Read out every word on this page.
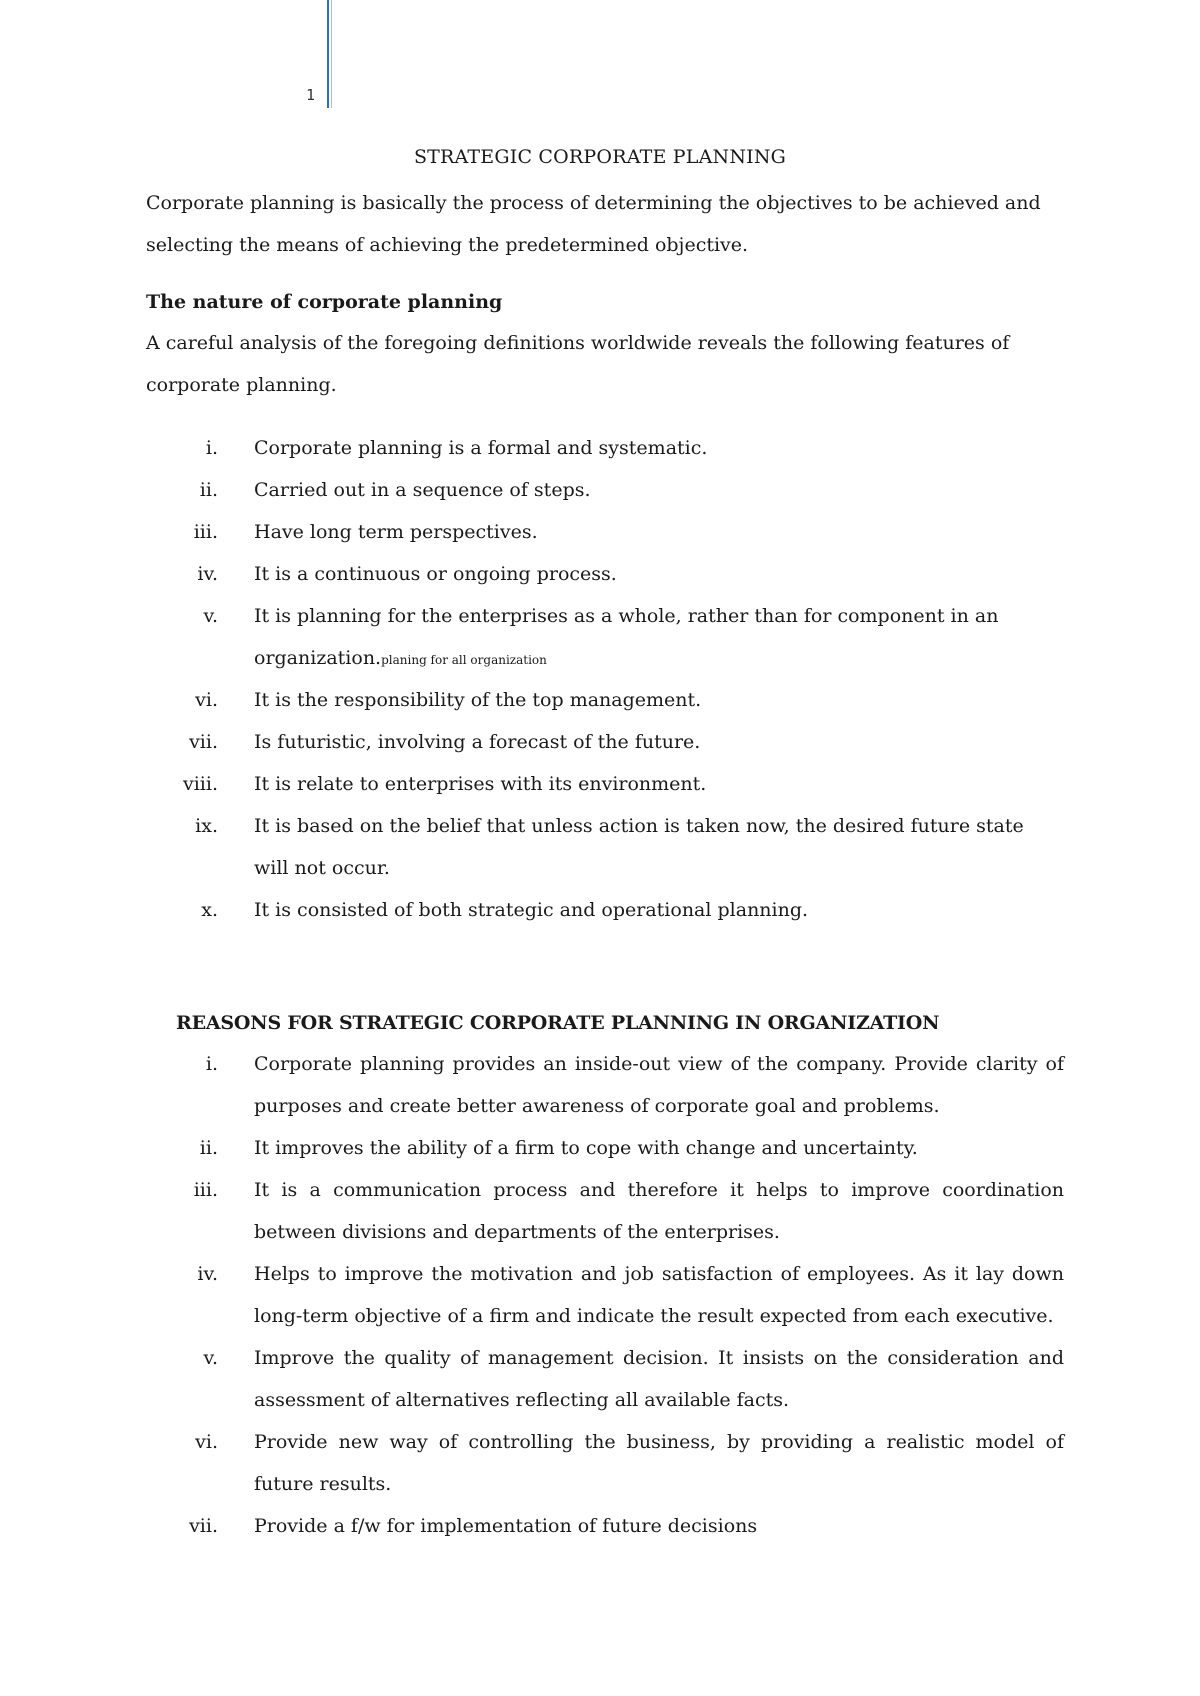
1
STRATEGIC CORPORATE PLANNING

Corporate planning is basically the process of determining the objectives to be achieved and selecting the means of achieving the predetermined objective.

The nature of corporate planning

A careful analysis of the foregoing definitions worldwide reveals the following features of corporate planning.

i. Corporate planning is a formal and systematic.

ii. Carried out in a sequence of steps.

iii. Have long term perspectives.

iv. It is a continuous or ongoing process.

v. It is planning for the enterprises as a whole, rather than for component in an organization.planing for all organization

vi. It is the responsibility of the top management.

vii. Is futuristic, involving a forecast of the future.

viii. It is relate to enterprises with its environment.

ix. It is based on the belief that unless action is taken now, the desired future state will not occur.

x. It is consisted of both strategic and operational planning.

REASONS FOR STRATEGIC CORPORATE PLANNING IN ORGANIZATION
i. Corporate planning provides an inside-out view of the company. Provide clarity of purposes and create better awareness of corporate goal and problems.

ii. It improves the ability of a firm to cope with change and uncertainty.

iii. It is a communication process and therefore it helps to improve coordination between divisions and departments of the enterprises.

iv. Helps to improve the motivation and job satisfaction of employees. As it lay down long-term objective of a firm and indicate the result expected from each executive.

v. Improve the quality of management decision. It insists on the consideration and assessment of alternatives reflecting all available facts.

vi. Provide new way of controlling the business, by providing a realistic model of future results.

vii. Provide a f/w for implementation of future decisions
